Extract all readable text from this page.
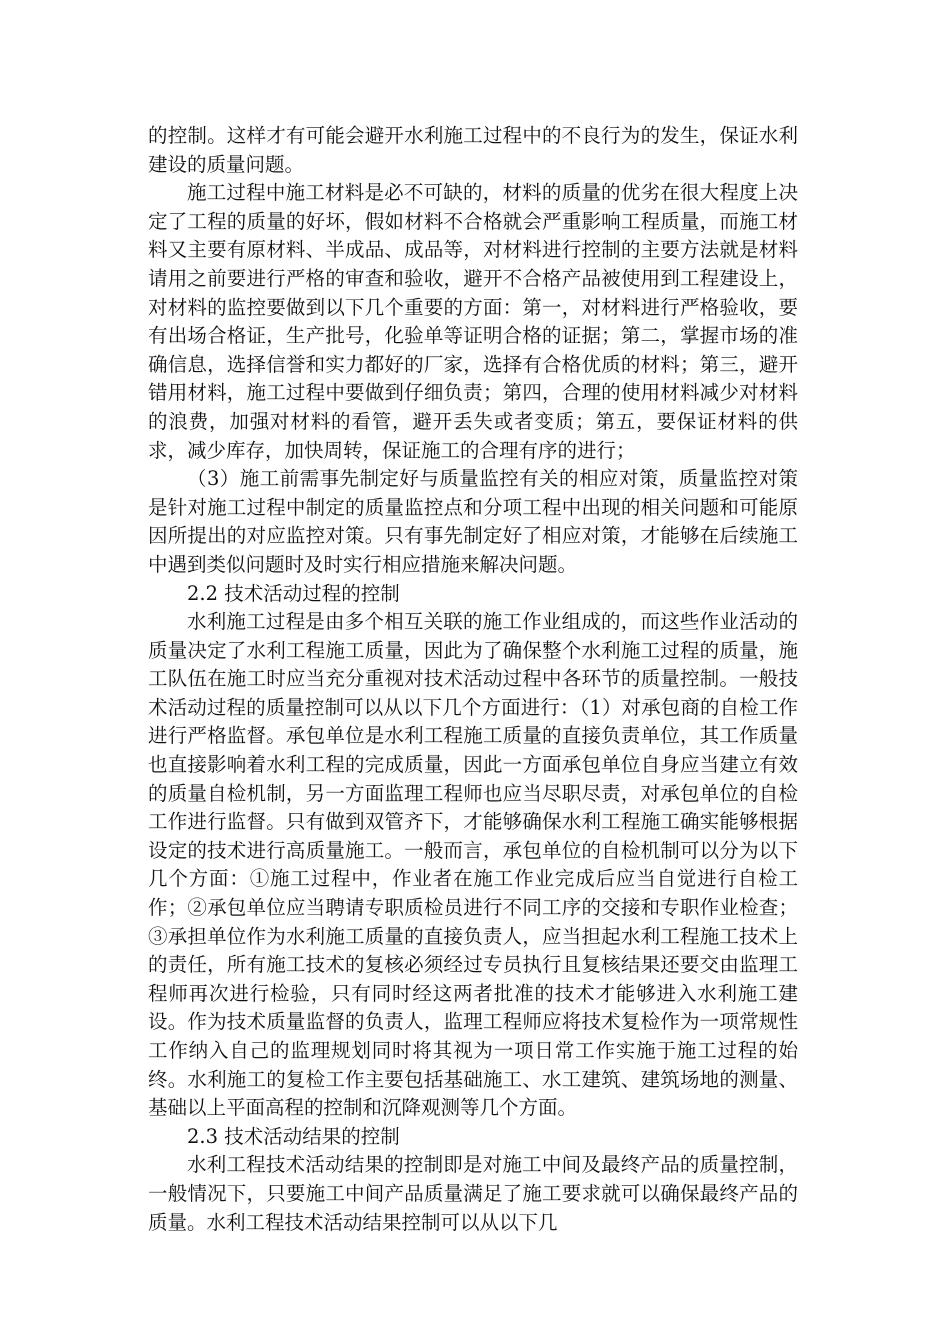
的控制。这样才有可能会避开水利施工过程中的不良行为的发生，保证水利建设的质量问题。

施工过程中施工材料是必不可缺的，材料的质量的优劣在很大程度上决定了工程的质量的好坏，假如材料不合格就会严重影响工程质量，而施工材料又主要有原材料、半成品、成品等，对材料进行控制的主要方法就是材料请用之前要进行严格的审查和验收，避开不合格产品被使用到工程建设上，对材料的监控要做到以下几个重要的方面：第一，对材料进行严格验收，要有出场合格证，生产批号，化验单等证明合格的证据；第二，掌握市场的准确信息，选择信誉和实力都好的厂家，选择有合格优质的材料；第三，避开错用材料，施工过程中要做到仔细负责；第四，合理的使用材料减少对材料的浪费，加强对材料的看管，避开丢失或者变质；第五，要保证材料的供求，减少库存，加快周转，保证施工的合理有序的进行；

（3）施工前需事先制定好与质量监控有关的相应对策，质量监控对策是针对施工过程中制定的质量监控点和分项工程中出现的相关问题和可能原因所提出的对应监控对策。只有事先制定好了相应对策，才能够在后续施工中遇到类似问题时及时实行相应措施来解决问题。

2.2 技术活动过程的控制

水利施工过程是由多个相互关联的施工作业组成的，而这些作业活动的质量决定了水利工程施工质量，因此为了确保整个水利施工过程的质量，施工队伍在施工时应当充分重视对技术活动过程中各环节的质量控制。一般技术活动过程的质量控制可以从以下几个方面进行：（1）对承包商的自检工作进行严格监督。承包单位是水利工程施工质量的直接负责单位，其工作质量也直接影响着水利工程的完成质量，因此一方面承包单位自身应当建立有效的质量自检机制，另一方面监理工程师也应当尽职尽责，对承包单位的自检工作进行监督。只有做到双管齐下，才能够确保水利工程施工确实能够根据设定的技术进行高质量施工。一般而言，承包单位的自检机制可以分为以下几个方面：①施工过程中，作业者在施工作业完成后应当自觉进行自检工作；②承包单位应当聘请专职质检员进行不同工序的交接和专职作业检查；③承担单位作为水利施工质量的直接负责人，应当担起水利工程施工技术上的责任，所有施工技术的复核必须经过专员执行且复核结果还要交由监理工程师再次进行检验，只有同时经这两者批准的技术才能够进入水利施工建设。作为技术质量监督的负责人，监理工程师应将技术复检作为一项常规性工作纳入自己的监理规划同时将其视为一项日常工作实施于施工过程的始终。水利施工的复检工作主要包括基础施工、水工建筑、建筑场地的测量、基础以上平面高程的控制和沉降观测等几个方面。

2.3 技术活动结果的控制

水利工程技术活动结果的控制即是对施工中间及最终产品的质量控制，一般情况下，只要施工中间产品质量满足了施工要求就可以确保最终产品的质量。水利工程技术活动结果控制可以从以下几
